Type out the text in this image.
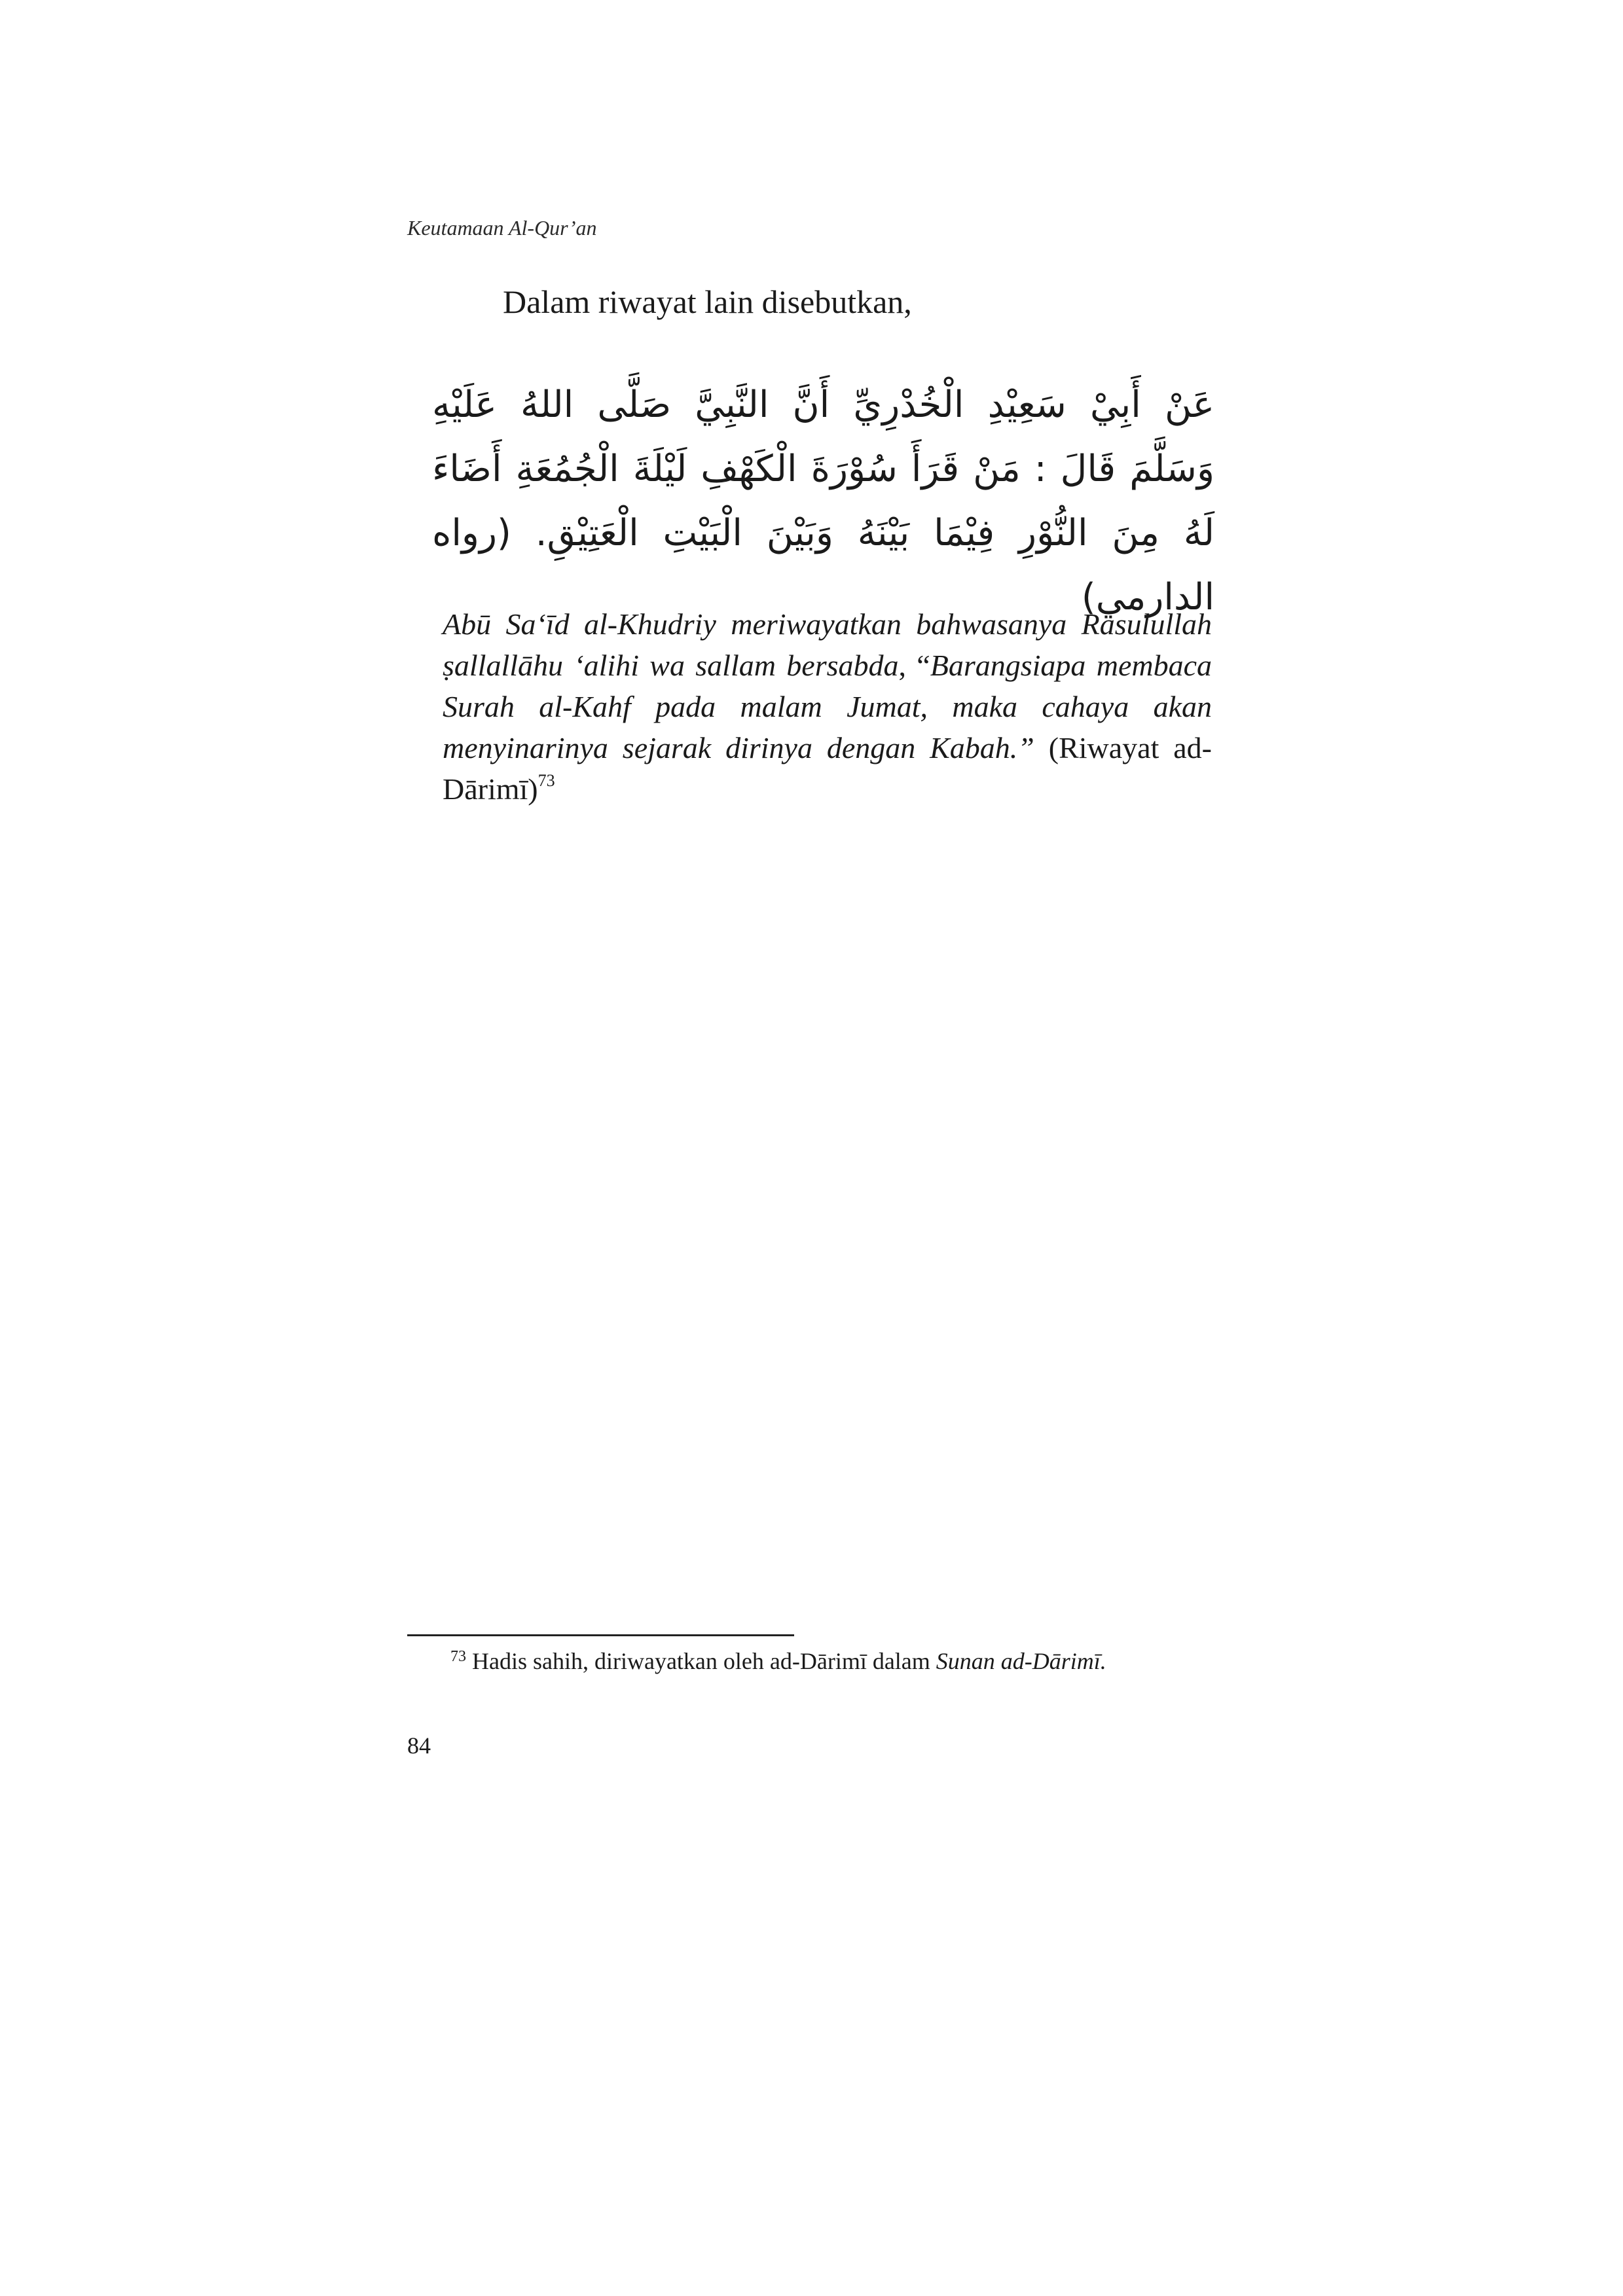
Keutamaan Al-Qur’an
Dalam riwayat lain disebutkan,
عَنْ أَبِيْ سَعِيْدِ الْخُدْرِيِّ أَنَّ النَّبِيَّ صَلَّى اللهُ عَلَيْهِ وَسَلَّمَ قَالَ : مَنْ قَرَأَ سُوْرَةَ الْكَهْفِ لَيْلَةَ الْجُمُعَةِ أَضَاءَ لَهُ مِنَ النُّوْرِ فِيْمَا بَيْنَهُ وَبَيْنَ الْبَيْتِ الْعَتِيْقِ. (رواه الدارمي)
Abū Sa‘īd al-Khudriy meriwayatkan bahwasanya Rasulullah ṣallallāhu ‘alihi wa sallam bersabda, “Barangsiapa membaca Surah al-Kahf pada malam Jumat, maka cahaya akan menyinarinya sejarak dirinya dengan Kabah.” (Riwayat ad-Dārimī)$^{73}$
$^{73}$ Hadis sahih, diriwayatkan oleh ad-Dārimī dalam Sunan ad-Dārimī.
84
